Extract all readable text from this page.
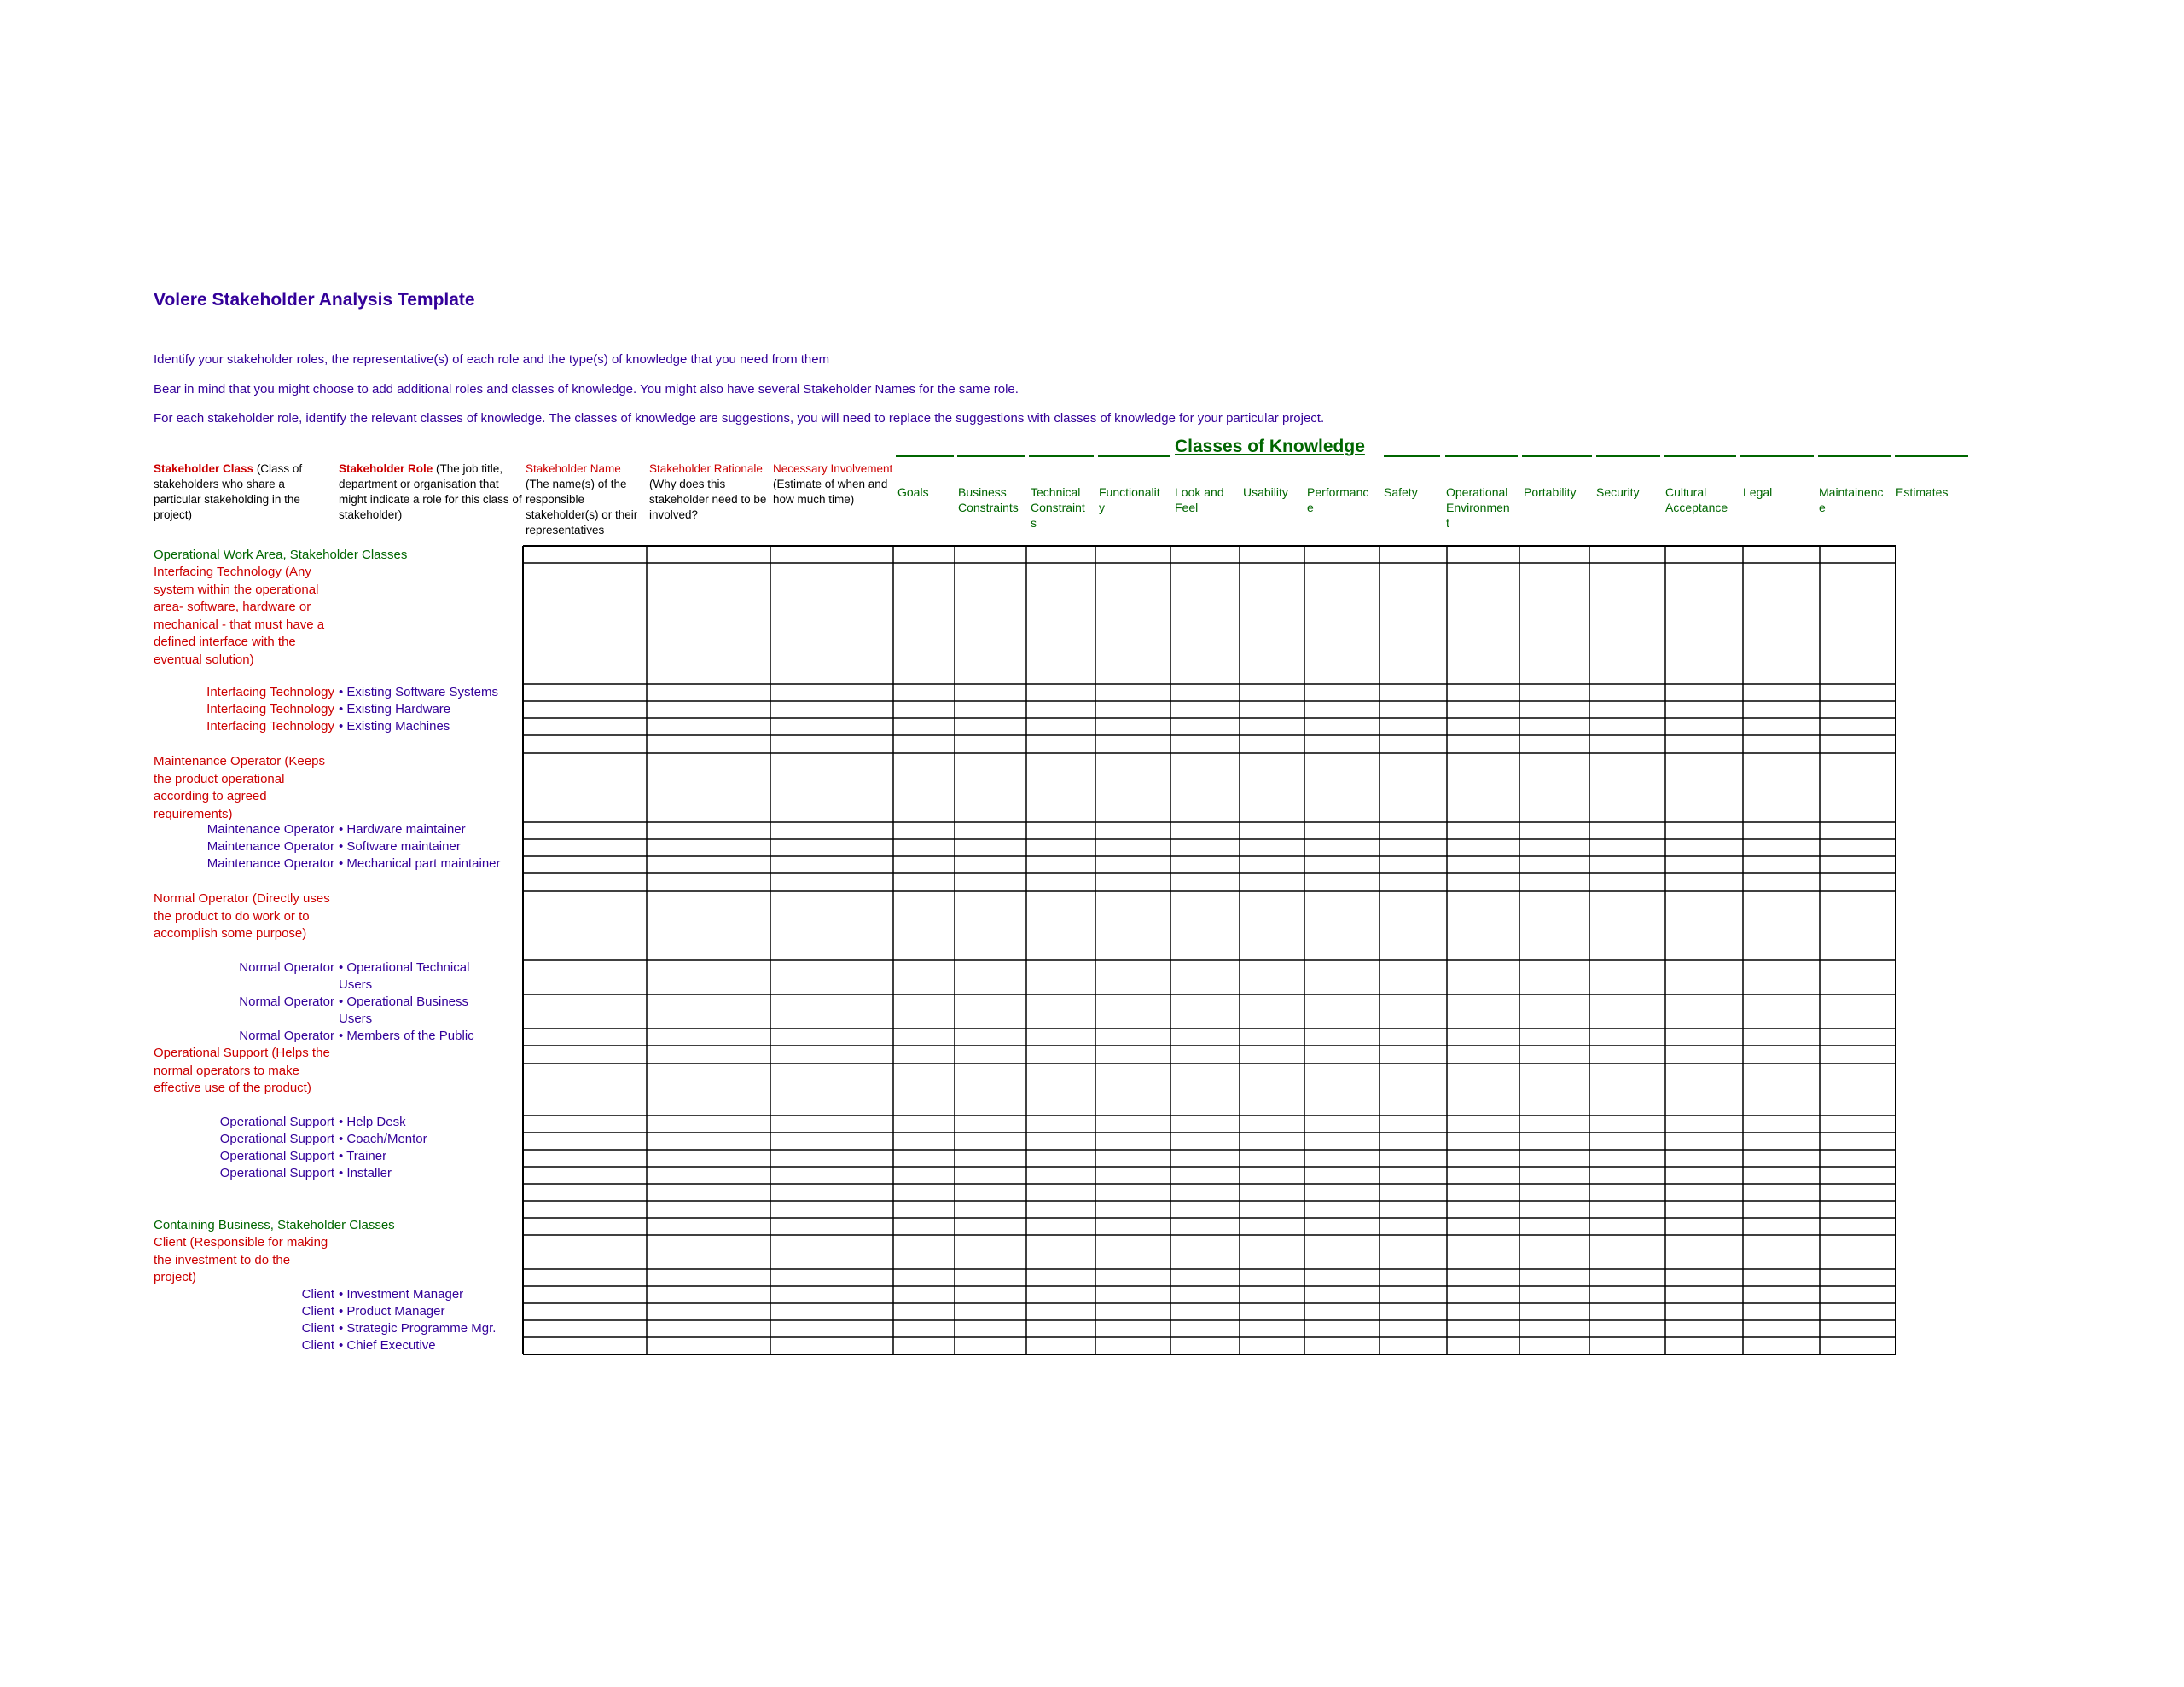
Volere Stakeholder Analysis Template
Identify your stakeholder roles, the representative(s) of each role and the type(s) of knowledge that you need from them
Bear in mind that you might choose to add additional roles and classes of knowledge. You might also have several Stakeholder Names for the same role.
For each stakeholder role, identify the relevant classes of knowledge. The classes of knowledge are suggestions, you will need to replace the suggestions with classes of knowledge for your particular project.
Stakeholder Class (Class of stakeholders who share a particular stakeholding in the project)
Stakeholder Role (The job title, department or organisation that might indicate a role for this class of stakeholder)
Stakeholder Name (The name(s) of the responsible stakeholder(s) or their representatives
Stakeholder Rationale (Why does this stakeholder need to be involved?
Necessary Involvement (Estimate of when and how much time)
Classes of Knowledge
Goals Business
Constraints
Technical
Constraint
s
Functionalit
y
Look and
Feel
Usability Performanc
e
Safety Operational
Environmen
t
Portability Security Cultural
Acceptance
Legal	Maintainenc
e
Estimates
Operational Work Area, Stakeholder Classes
Interfacing Technology (Any system within the operational area- software, hardware or mechanical - that must have a defined interface with the eventual solution)
Interfacing Technology • Existing Software Systems
Interfacing Technology • Existing Hardware
Interfacing Technology • Existing Machines
Maintenance Operator (Keeps the product operational according to agreed requirements)
Maintenance Operator • Hardware maintainer
Maintenance Operator • Software maintainer
Maintenance Operator • Mechanical part maintainer
Normal Operator (Directly uses the product to do work or to accomplish some purpose)
Normal Operator • Operational Technical
Users
Normal Operator • Operational Business
Users
Normal Operator • Members of the Public
Operational Support (Helps the normal operators to make effective use of the product)
Operational Support • Help Desk
Operational Support • Coach/Mentor
Operational Support • Trainer
Operational Support • Installer
Containing Business, Stakeholder Classes
Client (Responsible for making the investment to do the project)
Client • Investment Manager
Client • Product Manager
Client • Strategic Programme Mgr.
Client • Chief Executive
